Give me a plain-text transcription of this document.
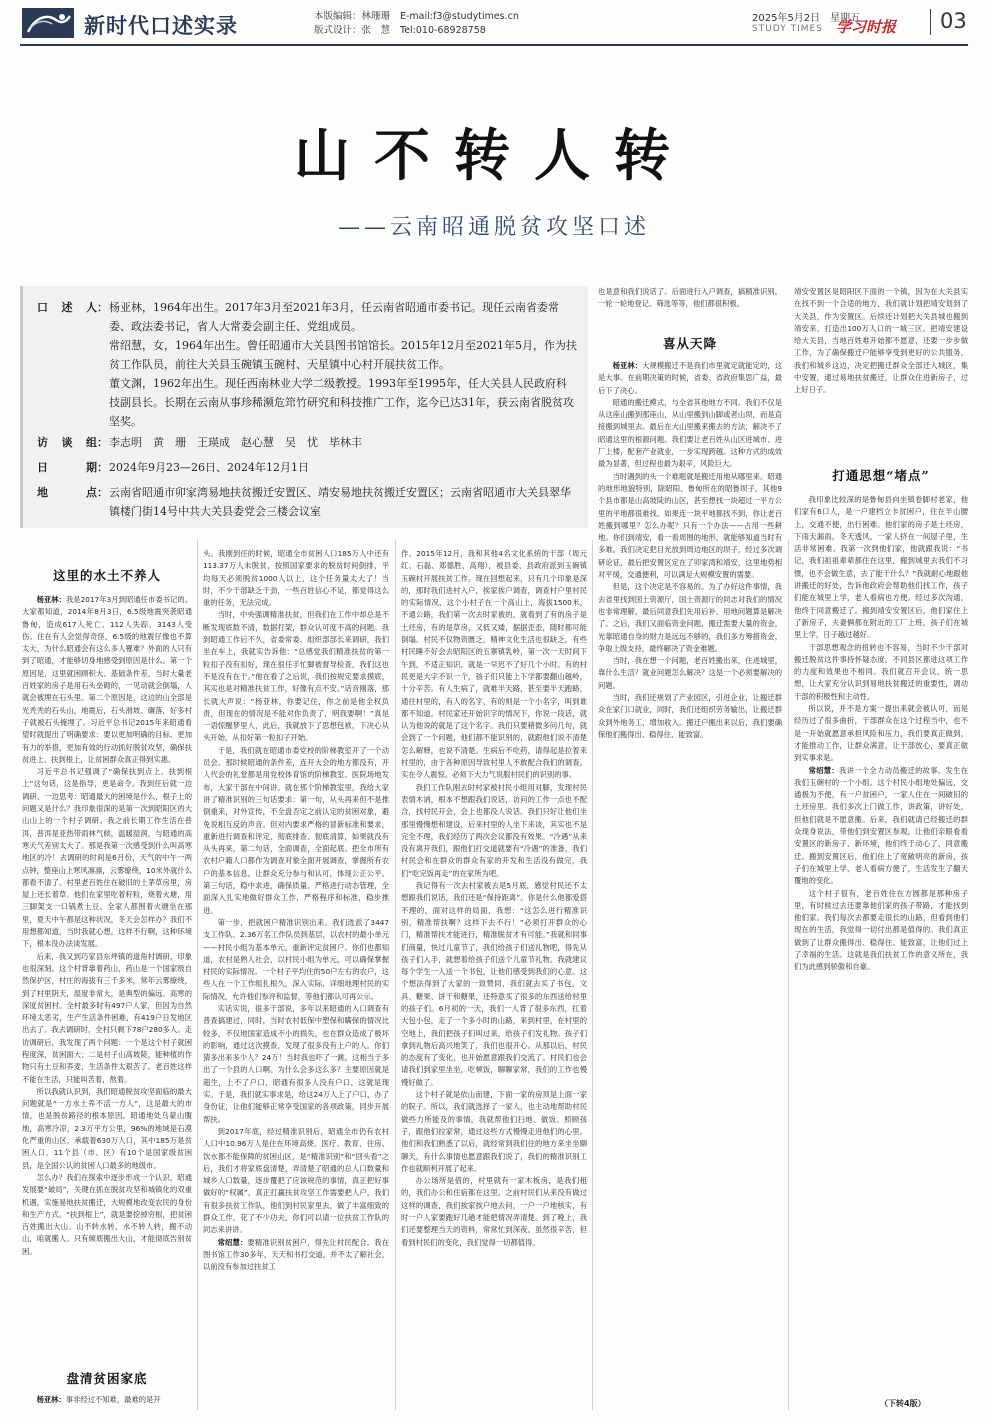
新时代口述实录	本版编辑：林珊珊
版式设计：张　慧
E-mail:f3@studytimes.cn
Tel:010-68928758
2025年5月2日　星期五
STUDY TIMES 学习时报 03
山不转人转
——云南昭通脱贫攻坚口述
口述人 ： 杨亚林，1964年出生。2017年3月至2021年3月，任云南省昭通市委书记。现任云南省委常委、政法委书记，省人大常委会副主任、党组成员。

常绍慧，女，1964年出生。曾任昭通市大关县图书馆馆长。2015年12月至2021年5月，作为扶贫工作队员，前往大关县玉碗镇玉碗村、天星镇中心村开展扶贫工作。

董文渊，1962年出生。现任西南林业大学二级教授。1993年至1995年，任大关县人民政府科技副县长。长期在云南从事珍稀濒危筇竹研究和科技推广工作，迄今已达31年，获云南省脱贫攻坚奖。

访谈组 ： 李志明　黄　珊　王瑛成　赵心慧　吴　忧　毕林丰
日期 ： 2024年9月23—26日、2024年12月1日
地点 ： 云南省昭通市卯家湾易地扶贫搬迁安置区、靖安易地扶贫搬迁安置区；云南省昭通市大关县翠华镇楼门街14号中共大关县委党会三楼会议室
这里的水土不养人

杨亚林：我是2017年3月到昭通任市委书记的。大家都知道，2014年8月3日，6.5级地震突袭昭通鲁甸，造成617人死亡、112人失踪、3143人受伤。住在有人会觉得奇怪，6.5级的地震仔像也不算太大，为什么昭通会有这么多人罹难？外面的人只有到了昭通，才能够切身地感受到原因是什么。第一个原因是，这里就困顾积大、基础条件差，当时大量老百姓家的房子是用石头垒砌的，一见动就会倒塌，人就会被埋在石头里。第二个原因是，这边的山全部是光秃秃的石头山，地震后，石头滑坡、碾落，好多村子就被石头掩埋了。习近平总书记2015年来昭通看望时就提出了明确要求：要以更加明确的目标、更加有力的举措，更加有效的行动抓好脱贫攻坚，确保扶贫进上、扶到根上，让贫困群众真正得到实惠。

习近平总书记强调了“确保扶到点上、扶到根上”这句话，这是指导，更是命令。我到任后就一边调研、一边思考：昭通最大的困境是什么，根子上的问题又是什么？我印象很深的是第一次到昭阳区的大山山上的一个村子调研。我之前长期工作生活在普洱，普洱是亚热带雨林气候，温暖湿润，与昭通的高寒天气差别太大了。那是我第一次感受到什么叫高寒地区的冷！去调研的时间是6月份，天气的中午一两点钟，整座山上寒风凛凛，云雾缭绕，10米外就什么都看不清了。村里老百姓住在破旧的土茅草房里，房屋上还长着草。他们在家里吃着籽粒，烧着火塘，用三脚架支一口锅煮土豆。全家人都围着火塘坐在那里，夏天中午都是这种状况，冬天会怎样办？我们不用想都知道，当时我就心想，这样不行啊，这种环境下，根本没办法谈发展。

后来，我又到巧家县东坪镇的道角村调研，印象也很深刻。这个村背靠着药山，药山是一个国家级自然保护区，村庄的海拔有三千多米，常年云雾缭绕，到了村里阴天，湿度非常大，是典型的偏远、高寒的深度贫困村。全村最多时有497户人家，但因为自然环境太恶劣，生产生活条件困难，有419户日发地区出去了。我去调研时，全村只剩下78户280多人。走访调研后，我发现了两个问题：一个是这个村子就困程度深，贫困面大；二是村子山高坡陡，能种植的作物只有土豆和荞麦，生活条件太艰苦了。老百姓这样不能在生活，只能叫苦着，熬着。

所以我就认识到，我们昭通脱贫攻坚面临的最大问题就是“一方水土养不活一方人”，这是最大的市情，也是脱贫路径的根本原因。昭通地处乌蒙山腹地，高寒冷凉，2.3万平方公里，96%的地域是石漠化严重的山区，承载着630万人口，其中185万是贫困人口，11个县（市、区）有10个是国家级贫困县，是全国公认的贫困人口最多的地级市。

怎么办？我们在探索中逐步形成一个认识，昭通发展要“破局”，关键在抓在脱贫攻坚和城镇化的双重机遇，实施易地扶贫搬迁，大规模地改变农民的身份和生产方式。“扶到根上”，就是要挖掉穷根，把贫困百姓搬出大山。山不转水转，水不转人转，搬不动山，咱就搬人。只有倾底搬出大山，才能彻底告别贫困。

盘清贫困家底

杨亚林：事非经过不知难，最难的是开

头。我刚到任的时候，昭通全市贫困人口185万人中还有113.37万人未脱贫，按照国家要求的脱贫时间倒排，平均每天必须脱贫1000人以上，这个任务量太大了！当时，不少干部缺乏干劲，一些百姓信心不足，都觉得这么重的任务，无法完成。

当时，中央强调精准扶贫，但我们在工作中却总是不断发现底数不清，数据打架，群众认可度不高的问题。我到昭通工作后不久，省委常委、组织部部长来调研，我们坐在车上，我就实告诉他：“总感觉我们精准扶贫的第一粒扣子没有扣好，现在很任手忙脚被督导检查，我们这也不是没有在干。”他在看了之后说，我们按规定要求摸底，其实也是对精准扶贫工作，好像有点不安。”话音刚落，那长就大声说：“杨亚林，你要记住，你之前是他全权负责，但现在的情况是不能对你负责了，明我要啊！”真是一语惊醒梦里人，此后，我就放下了思想包袱，下决心从头开始，从扣好第一粒扣子开始。

于是，我们就在昭通市委党校的阶梯教室开了一个动员会。那时候昭通的条件差，连开大会的地方都没有，开人代会的礼堂都是用党校体育馆的阶梯教室。医院场地发布，大家干部在中间讲。就在那个阶梯教室里，我给大家讲了精准识别的三句话要求：第一句，从头再来但不是推倒重来，对外宣传，不全盘否定之前认定的贫困对象，避免说相互反的声音。但对内要求严格的冒新标准和要求，重新进行调查和评定，彻底排查、彻底清算，如果就没有从头再来，第二句话，全面调查，全面起底。把全市所有农村户籍人口都作为调查对象全面开展调查，掌握所有农户的基本信息。让群众充分参与和认可，体现公正公平。第三句话，稳中求进，确保质量。严格进行动态管理，全面深入扎实地做好群众工作，严格程序和标准，稳步推进。

第一步，把就困户精准识别出来。我们选派了3447支工作队、2.36万名工作队员到基层，以农村的最小单元——村民小组为基本单元，重新评定贫困户。你们也都知道，农村是熟人社会，以村民小组为单元，可以确保掌握村民的实际情况。一个村子平均住的50户左右的农户，这些人在一个工作组扎根久，深入实际，详细地理村民的实际情况，允许他们参评和监督，等他们都认可再公示。

实话实说，很多干部说，多年以来昭通的入口调查有普查搞建过，同时，当时农村低保中塑保和瞒保的情况比较多，不仅地国家造成不小的损失，也在群众造成了极坏的影响，通过这次摸查，发现了很多没有上户的人。你们猜多出来多少人？24万！当时我也吓了一跳，这相当于多出了一个县的人口啊。为什么会多这么多？主要原因就是超生，上不了户口，昭通有很多人没有户口，这就是现实。于是，我们就实事求是，给这24万人上了户口，办了身份证，让他们能够正常享受国家的各项政策，同步开展帮扶。

到2017年底，经过精准识别后，昭通全市仍有农村人口中10.96万人是住在环境高烧、医疗、教育、住房、饮水都不能保障的贫困山区，是“精准识别”和“回头看”之后，我们才将家底盘清楚，弄清楚了昭通的总人口数量和城乡人口数量，逐步覆把了应该规范的事情，真正把好事做好的“权属”，真正打赢扶贫攻坚工作需要把人户，我们有很多扶贫工作队，他们到村民家里去，做了丰富细致的群众工作，花了不少功夫，你们可以请一位扶贫工作队的同志来讲讲。

常绍慧：要精准识别贫困户，得先让村民配合。我在图书馆工作30多年，天天和书打交道，并不太了解社会，以前没有参加过扶贫工

作。2015年12月，我和其他4名文化系统的干部（周元红、石磊、郑德胜、高翔），被县委、县政府派到玉碗镇玉碗村开展扶贫工作。现在回想起来，只有几个印象是深的，那时我们进村入户，挨家挨户调查，调查村户里村民的实际情况，这个小村子在一个高山上，海拔1500米，不通公路，我们第一次去时家被的，就看到了有的房子是土坯房，有的是草房，又低又矮，据据歪歪，随时都可能倒塌。村民不仅物资匮乏，精神文化生活也很缺乏，有些村民睡不好会去昭阳区的五寨镇乳岭，第一次一天时间下午到，不适正知识，就是一早迟不了好几个小时。有的村民更是大字不识一个，孩子们只能上下学都要翻山越岭，十分辛苦。有人生病了，就难半天路，甚至要半天跑路，通往村里的，有人的名字、有的则是一个小名字，叫到谁都不知道。村民家还开始识字的情况下，你说一段话，就认为他说的就是了这个名字。我们只要稍微多问几句，就会到了一个问题，他们都不能识别的，就跟他们说不清楚怎么解释，也说不清楚。生病后不吃药，请得起是拉着来村里的，由于各种原因导致村里人不敢配合我们的调查，实在令人震惊。必须下大力气说服村民们的识别的事。

我们工作队刚去时村家被村民小组用对脚，发现村民表情木讷，根本不想跟我们说话，访问的工作一点也不配合，找村民开会，会上也都没人说话。我们只好让他们坐那里慢慢想和建设，后来村里的人坐下来谈，其实也不是完全不理，我们经历了两次会议都没有效果。“冷遇”从来没有离开我们，跟他们打交道就要有“冷遇”的准备，我们村民会和在群众的群众有家的开发和生活没有做完，我们“吃完饭再走”的在家所为吧。

我记得有一次去村家被去是5月底，感觉村民还不太想跟我们说话，我们还是“保持距离”。你是什么他都爱搭不理的，面对这样的局面，我想：“这怎么进行精准识别，精准帮扶啊？这样下去不行！”必须打开群众的心门，精准帮扶才能进行，精准脱贫才有可能。”我就和同事们商量，快过儿童节了，我们给孩子们送礼物吧，得先从孩子们入手，就想着给孩子们送个儿童节礼物。我就建议每个学生一人送一个书包，让他们感受到我们的心意。这个想法得到了大家的一致赞同，我们就去买了书包，文具、糖果、饼干和糖果，还特意买了很多的东西送给村里的孩子们。6月初的一天，我们一人背了很多东西，扛着大包小包，走了一个多小时的山路，来到村里，在村里的空地上，我们把孩子们叫过来，给孩子们发礼物。孩子们拿到礼物后高兴地笑了，我们也很开心。从那以后，村民的态度有了变化，也开始愿意跟我们交流了。村民们也会请我们到家里坐坐，吃顿饭，聊聊家常，我们的工作也慢慢好做了。

这个村子就是依山而建，下面一家的房顶是上面一家的院子。所以，我们就选择了一家人，也主动地帮助村民做些力所能及的事情，我就帮他们扫地、做饭、照顾孩子，跟他们拉家常，通过这些方式慢慢走进他们的心里。他们和我们熟悉了以后，就经常到我们住的地方来坐坐聊聊天，有什么事情也愿意跟我们说了，我们的精准识别工作也就顺利开展了起来。

办公场所是借的，村里就有一家木板房，是我们租的，我们办公和住宿都在这里。之前村民们从来没有做过这样的调查，我们挨家挨户地去问，一户一户地核实，有时一户人家要跑好几趟才能把情况弄清楚。到了晚上，我们还要整理当天的资料，常常忙到深夜。虽然很辛苦，但看到村民们的变化，我们觉得一切都值得。

也是意和我们说话了。后面进行入户调查，搞精准识别，一轮一轮地登记、筛选等等，他们都很积极。

喜从天降

杨亚林：大规模搬迁不是我们市里就定就能定的，这是大事。在前期决策的时候，省委、省政府集思广益，最后下了决心。

昭通的搬迁模式，与全省其他地方不同。我们不仅是从这座山搬到那座山，从山里搬到山脚或者山坝，而是直接搬到城里去。最后在大山里搬来搬去的方法，解决不了昭通这里的根源问题。我们要让老百姓从山区进城市、进厂上楼，配套产业就业，一步实现跨越。这种方式的成效最为显著，但过程也最为艰辛，风险巨大。

当时遇到的头一个难题就是搬迁用地从哪里来。昭通的地形地貌特别，除昭阳、鲁甸所在的昭鲁坝子，其他9个县市都是山高坡陡的山区，甚至想找一块超过一平方公里的平地都很难找。如果连一块平地都找不到，你让老百姓搬到哪里？怎么办呢？只有一个办法——占用一些耕地。你们到靖安，看一看周围的地形，就能够知道当时有多难。我们决定把目光放到周边地区的坝子，经过多次调研论证，最后把安置区定在了卯家湾和靖安，这里地势相对平缓，交通便利，可以满足大规模安置的需要。

但是，这个决定是不容易的。为了办好这件事情，我去省里找到国土资源厅，国土资源厅的同志对我们的情况也非常理解，最后同意我们先用后补，用地问题算是解决了。之后，我们又面临资金问题，搬迁需要大量的资金，光靠昭通自身的财力是远远不够的，我们多方筹措资金，争取上级支持，最终解决了资金难题。

当时，我在想一个问题，老百姓搬出来，住进城里，靠什么生活？就业问题怎么解决？这是一个必须要解决的问题。

当时，我们还规划了产业园区，引进企业，让搬迁群众在家门口就业，同时，我们还组织劳务输出，让搬迁群众到外地务工，增加收入。搬迁户搬出来以后，我们要确保他们搬得出、稳得住、能致富。

靖安安置区是昭阳区下面的一个镇，因为在大关县实在找不到一个合适的地方，我们就计划把靖安划到了大关县，作为安置区。后续还计划把大关县城也搬到靖安来，打造出100万人口的一城三区。把靖安建设给大关县，当地百姓难开始都不愿意，还要一步步做工作，为了确保搬迁户能够享受到更好的公共服务，我们和城乡这边，决定把搬迁群众全部迁入城区，集中安置，通过易地扶贫搬迁，让群众住进新房子，过上好日子。

打通思想“堵点”

我印象比较深的是鲁甸县向坐镇卷脚村老家，他们家有6口人，是一户建档立卡贫困户，住在半山腰上，交通不便，出行困难。他们家的房子是土坯房，下雨天漏雨，冬天透风，一家人挤在一间屋子里，生活非常困难。我第一次到他们家，他就跟我说：“书记，我们祖祖辈辈都住在这里，搬到城里去我们不习惯，也不会做生意，去了能干什么？”我就耐心地跟他讲搬迁的好处，告诉他政府会帮助他们找工作，孩子们能在城里上学，老人看病也方便。经过多次沟通，他终于同意搬迁了。搬到靖安安置区后，他们家住上了新房子，夫妻俩都在附近的工厂上班，孩子们在城里上学，日子越过越好。

干部思想观念的扭转也不容易，当时不少干部对搬迁脱贫这件事持怀疑态度，不同县区都进这项工作的力度和效果也不相同。我们就召开会议，统一思想，让大家充分认识到易地扶贫搬迁的重要性，调动干部的积极性和主动性。

所以说，并不是方案一提出来就会被认可，而是经历过了很多曲折，干部群众在这个过程当中，也不是一开始就愿意承担风险和压力，我们要真正做到，才能推动工作，让群众满意，让干部放心，要真正做到实事求是。

常绍慧：我讲一个全力动员搬迁的故事。发生在我们玉碗村的一个小组。这个村民小组地处偏远，交通极为不便，有一户贫困户，一家人住在一间破旧的土坯房里。我们多次上门做工作，讲政策，讲好处，但他们就是不愿意搬。后来，我们就请已经搬迁的群众现身说法，带他们到安置区参观，让他们亲眼看看安置区的新房子、新环境，他们终于动心了，同意搬迁。搬到安置区后，他们住上了宽敞明亮的新房，孩子们在城里上学，老人看病方便了，生活发生了翻天覆地的变化。

这个村子很有，老百姓住在方圆都是那种房子里，有时候过去还要靠他们家的孩子带路，才能找到他们家。我们每次去都要走很长的山路，但看到他们现在的生活，我觉得一切付出都是值得的。我们真正做到了让群众搬得出、稳得住、能致富，让他们过上了幸福的生活。这就是我们扶贫工作的意义所在，我们为此感到骄傲和自豪。

（下转4版）
